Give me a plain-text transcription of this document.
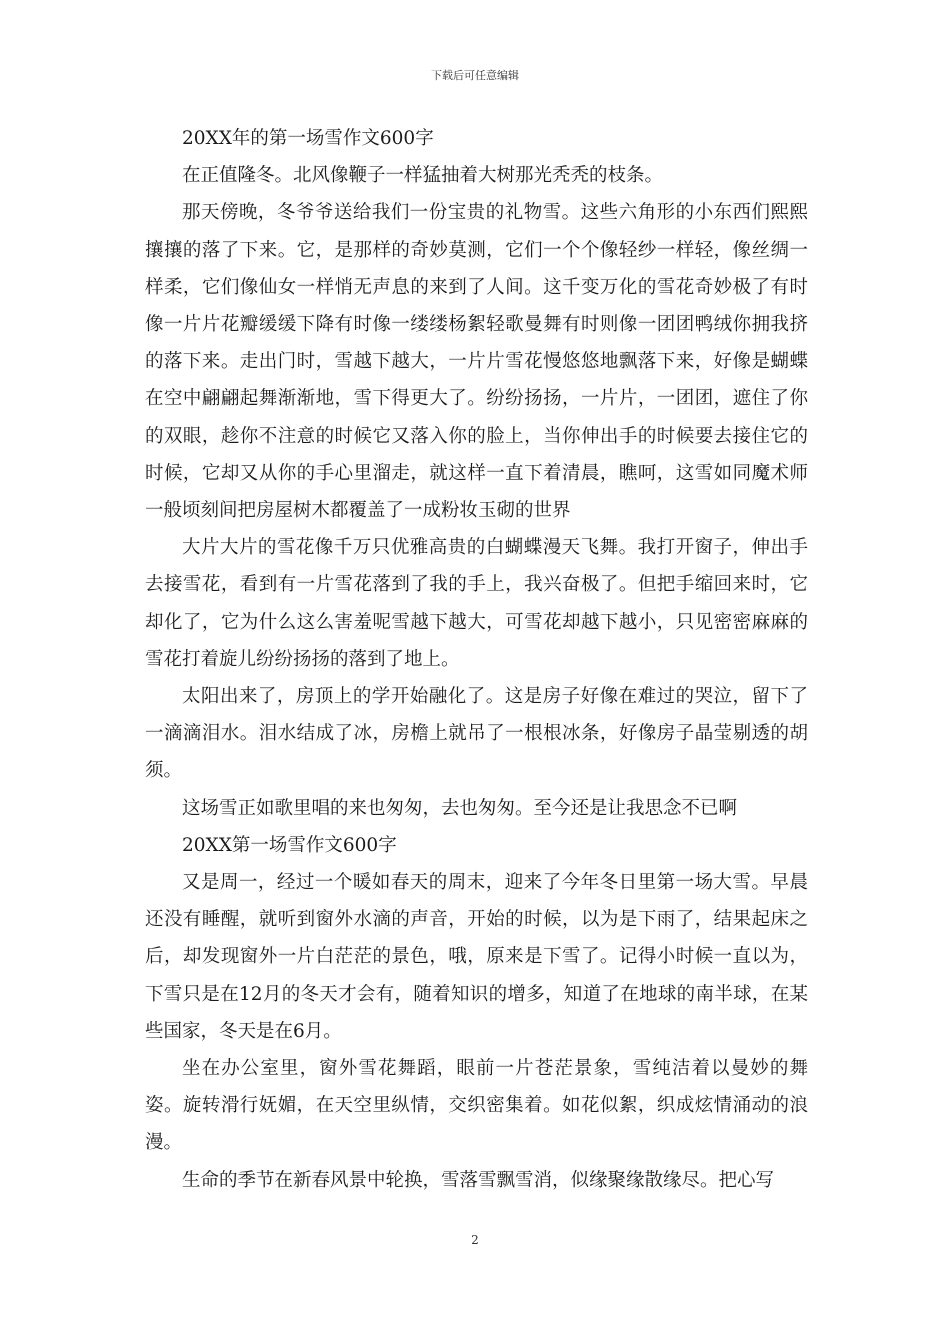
下载后可任意编辑

20XX年的第一场雪作文600字

在正值隆冬。北风像鞭子一样猛抽着大树那光秃秃的枝条。

那天傍晚，冬爷爷送给我们一份宝贵的礼物雪。这些六角形的小东西们熙熙攘攘的落了下来。它，是那样的奇妙莫测，它们一个个像轻纱一样轻，像丝绸一样柔，它们像仙女一样悄无声息的来到了人间。这千变万化的雪花奇妙极了有时像一片片花瓣缓缓下降有时像一缕缕杨絮轻歌曼舞有时则像一团团鸭绒你拥我挤的落下来。走出门时，雪越下越大，一片片雪花慢悠悠地飘落下来，好像是蝴蝶在空中翩翩起舞渐渐地，雪下得更大了。纷纷扬扬，一片片，一团团，遮住了你的双眼，趁你不注意的时候它又落入你的脸上，当你伸出手的时候要去接住它的时候，它却又从你的手心里溜走，就这样一直下着清晨，瞧呵，这雪如同魔术师一般顷刻间把房屋树木都覆盖了一成粉妆玉砌的世界

大片大片的雪花像千万只优雅高贵的白蝴蝶漫天飞舞。我打开窗子，伸出手去接雪花，看到有一片雪花落到了我的手上，我兴奋极了。但把手缩回来时，它却化了，它为什么这么害羞呢雪越下越大，可雪花却越下越小，只见密密麻麻的雪花打着旋儿纷纷扬扬的落到了地上。

太阳出来了，房顶上的学开始融化了。这是房子好像在难过的哭泣，留下了一滴滴泪水。泪水结成了冰，房檐上就吊了一根根冰条，好像房子晶莹剔透的胡须。

这场雪正如歌里唱的来也匆匆，去也匆匆。至今还是让我思念不已啊

20XX第一场雪作文600字

又是周一，经过一个暖如春天的周末，迎来了今年冬日里第一场大雪。早晨还没有睡醒，就听到窗外水滴的声音，开始的时候，以为是下雨了，结果起床之后，却发现窗外一片白茫茫的景色，哦，原来是下雪了。记得小时候一直以为，下雪只是在12月的冬天才会有，随着知识的增多，知道了在地球的南半球，在某些国家，冬天是在6月。

坐在办公室里，窗外雪花舞蹈，眼前一片苍茫景象，雪纯洁着以曼妙的舞姿。旋转滑行妩媚，在天空里纵情，交织密集着。如花似絮，织成炫情涌动的浪漫。

生命的季节在新春风景中轮换，雪落雪飘雪消，似缘聚缘散缘尽。把心写

2
